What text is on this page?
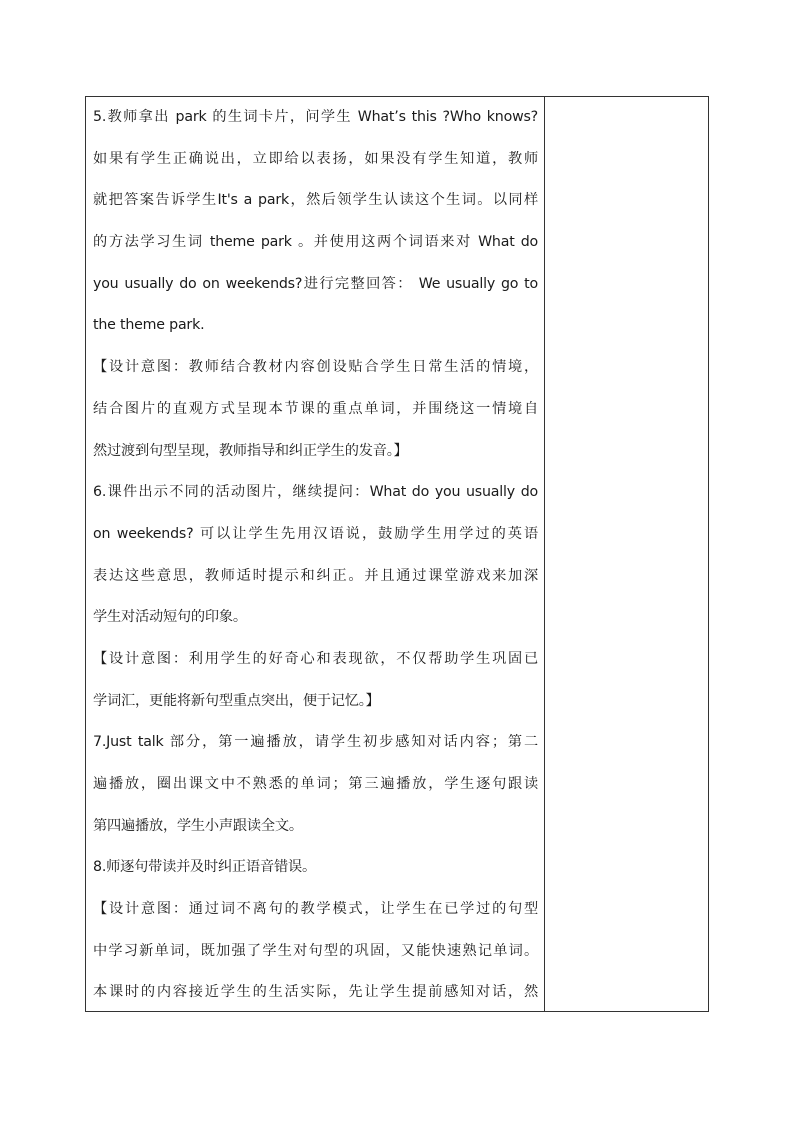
5.教师拿出 park 的生词卡片，问学生 What’s this ?Who knows?
如果有学生正确说出，立即给以表扬，如果没有学生知道，教师
就把答案告诉学生It's a park，然后领学生认读这个生词。以同样
的方法学习生词 theme park 。并使用这两个词语来对 What do
you usually do on weekends?进行完整回答： We usually go to
the theme park.
【设计意图：教师结合教材内容创设贴合学生日常生活的情境，
结合图片的直观方式呈现本节课的重点单词，并围绕这一情境自
然过渡到句型呈现，教师指导和纠正学生的发音。】
6.课件出示不同的活动图片，继续提问：What do you usually do
on weekends? 可以让学生先用汉语说，鼓励学生用学过的英语
表达这些意思，教师适时提示和纠正。并且通过课堂游戏来加深
学生对活动短句的印象。
【设计意图：利用学生的好奇心和表现欲，不仅帮助学生巩固已
学词汇，更能将新句型重点突出，便于记忆。】
7.Just talk 部分，第一遍播放，请学生初步感知对话内容；第二
遍播放，圈出课文中不熟悉的单词；第三遍播放，学生逐句跟读
第四遍播放，学生小声跟读全文。
8.师逐句带读并及时纠正语音错误。
【设计意图：通过词不离句的教学模式，让学生在已学过的句型
中学习新单词，既加强了学生对句型的巩固，又能快速熟记单词。
本课时的内容接近学生的生活实际，先让学生提前感知对话，然
